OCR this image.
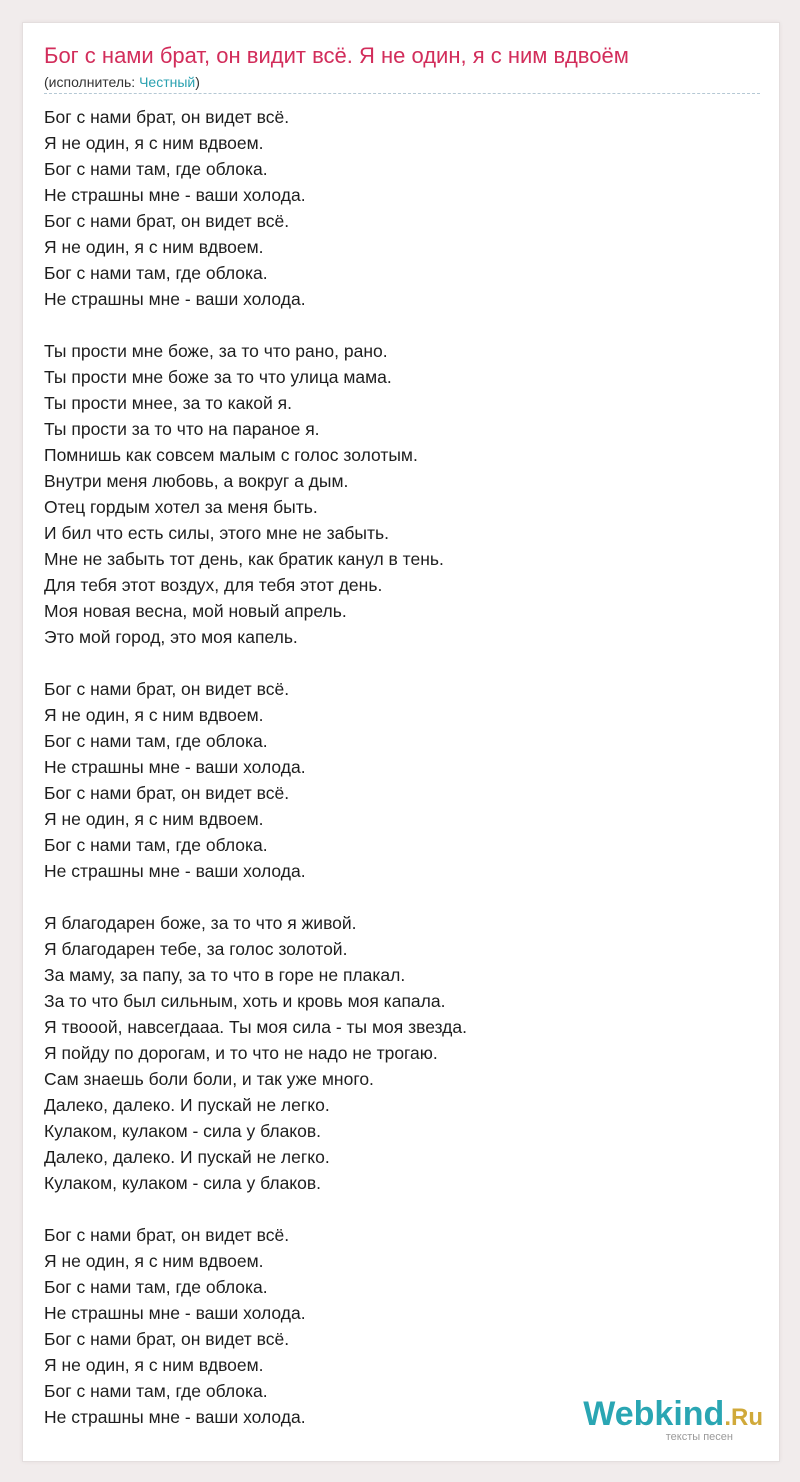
Бог с нами брат, он видит всё. Я не один, я с ним вдвоём
(исполнитель: Честный)
Бог с нами брат, он видет всё.
Я не один, я с ним вдвоем.
Бог с нами там, где облока.
Не страшны мне - ваши холода.
Бог с нами брат, он видет всё.
Я не один, я с ним вдвоем.
Бог с нами там, где облока.
Не страшны мне - ваши холода.
Ты прости мне боже, за то что рано, рано.
Ты прости мне боже за то что улица мама.
Ты прости мнее, за то какой я.
Ты прости за то что на параное я.
Помнишь как совсем малым с голос золотым.
Внутри меня любовь, а вокруг а дым.
Отец гордым хотел за меня быть.
И бил что есть силы, этого мне не забыть.
Мне не забыть тот день, как братик канул в тень.
Для тебя этот воздух, для тебя этот день.
Моя новая весна, мой новый апрель.
Это мой город, это моя капель.
Бог с нами брат, он видет всё.
Я не один, я с ним вдвоем.
Бог с нами там, где облока.
Не страшны мне - ваши холода.
Бог с нами брат, он видет всё.
Я не один, я с ним вдвоем.
Бог с нами там, где облока.
Не страшны мне - ваши холода.
Я благодарен боже, за то что я живой.
Я благодарен тебе, за голос золотой.
За маму, за папу, за то что в горе не плакал.
За то что был сильным, хоть и кровь моя капала.
Я твооой, навсегдааа. Ты моя сила - ты моя звезда.
Я пойду по дорогам, и то что не надо не трогаю.
Сам знаешь боли боли, и так уже много.
Далеко, далеко. И пускай не легко.
Кулаком, кулаком - сила у блаков.
Далеко, далеко. И пускай не легко.
Кулаком, кулаком - сила у блаков.
Бог с нами брат, он видет всё.
Я не один, я с ним вдвоем.
Бог с нами там, где облока.
Не страшны мне - ваши холода.
Бог с нами брат, он видет всё.
Я не один, я с ним вдвоем.
Бог с нами там, где облока.
Не страшны мне - ваши холода.	Webkind.Ru
тексты песен
